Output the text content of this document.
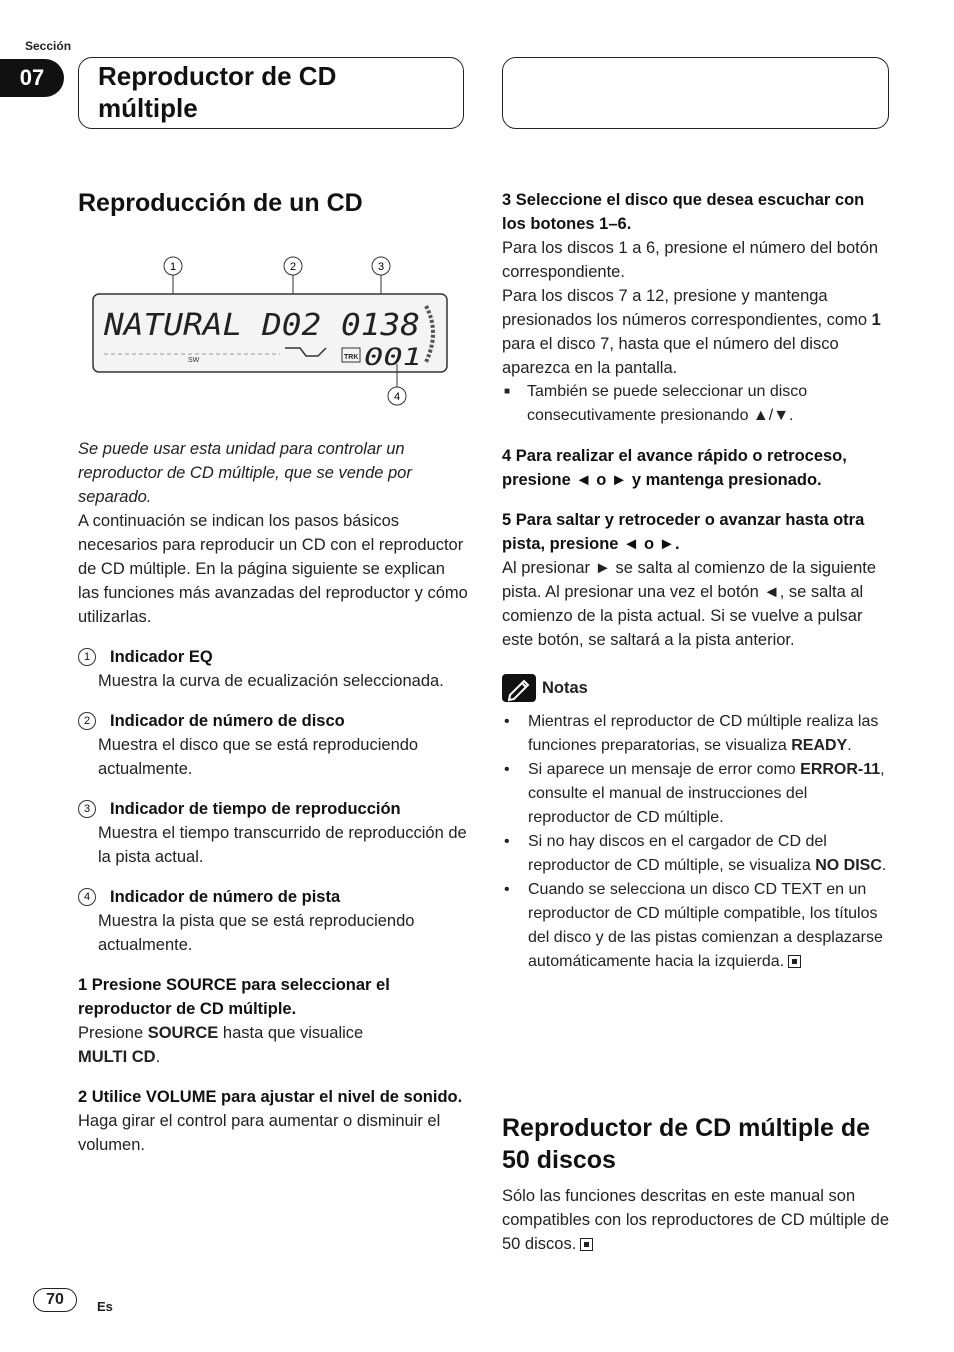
Sección
07	Reproductor de CD múltiple
Reproducción de un CD
1	2	3
NATURAL D02 0138
SW	TRK 001
4

Se puede usar esta unidad para controlar un reproductor de CD múltiple, que se vende por separado.

A continuación se indican los pasos básicos necesarios para reproducir un CD con el reproductor de CD múltiple. En la página siguiente se explican las funciones más avanzadas del reproductor y cómo utilizarlas.

1	Indicador EQ

Muestra la curva de ecualización seleccionada.

2	Indicador de número de disco

Muestra el disco que se está reproduciendo actualmente.

3	Indicador de tiempo de reproducción

Muestra el tiempo transcurrido de reproducción de la pista actual.

4	Indicador de número de pista

Muestra la pista que se está reproduciendo actualmente.

1 Presione SOURCE para seleccionar el reproductor de CD múltiple.

Presione SOURCE hasta que visualice
MULTI CD.

2 Utilice VOLUME para ajustar el nivel de sonido.

Haga girar el control para aumentar o disminuir el volumen.

3 Seleccione el disco que desea escuchar con los botones 1–6.

Para los discos 1 a 6, presione el número del botón correspondiente.

Para los discos 7 a 12, presione y mantenga presionados los números correspondientes, como 1 para el disco 7, hasta que el número del disco aparezca en la pantalla.

■ También se puede seleccionar un disco consecutivamente presionando ▲/▼.

4 Para realizar el avance rápido o retroceso, presione ◄ o ► y mantenga presionado.

5 Para saltar y retroceder o avanzar hasta otra pista, presione ◄ o ►.

Al presionar ► se salta al comienzo de la siguiente pista. Al presionar una vez el botón ◄, se salta al comienzo de la pista actual. Si se vuelve a pulsar este botón, se saltará a la pista anterior.

Notas
• Mientras el reproductor de CD múltiple realiza las funciones preparatorias, se visualiza READY.
• Si aparece un mensaje de error como ERROR-11, consulte el manual de instrucciones del reproductor de CD múltiple.
• Si no hay discos en el cargador de CD del reproductor de CD múltiple, se visualiza NO DISC.
• Cuando se selecciona un disco CD TEXT en un reproductor de CD múltiple compatible, los títulos del disco y de las pistas comienzan a desplazarse automáticamente hacia la izquierda.
Reproductor de CD múltiple de 50 discos

Sólo las funciones descritas en este manual son compatibles con los reproductores de CD múltiple de 50 discos.

70	Es
